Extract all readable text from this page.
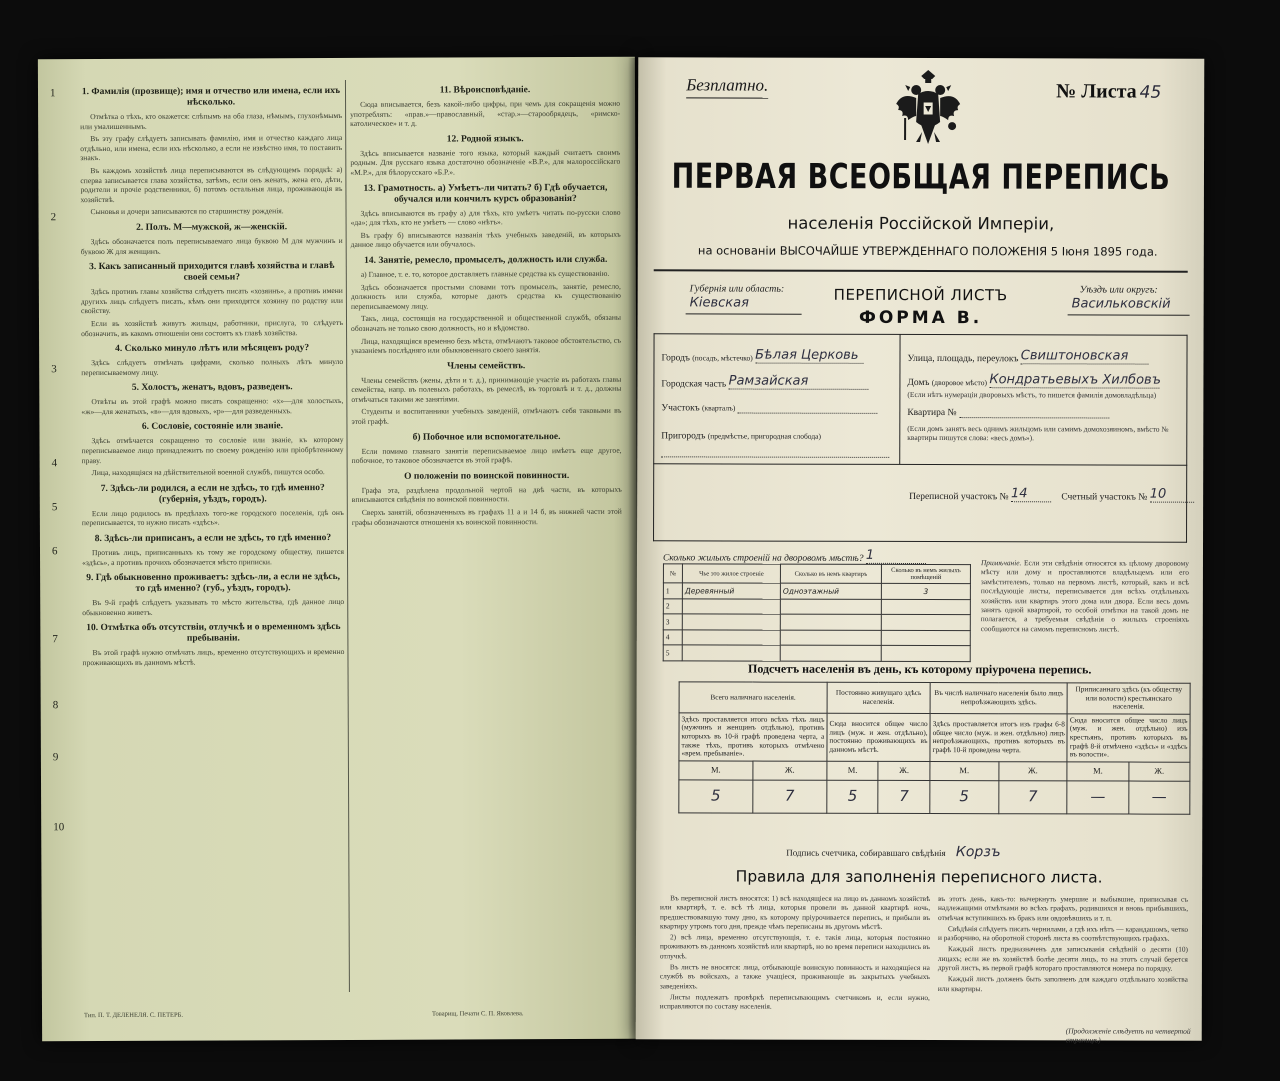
1
2
3
4
5
6
7
8
9
10
1. Фамилія (прозвище); имя и отчество или имена, если ихъ нѣсколько.

Отмѣтка о тѣхъ, кто окажется: слѣпымъ на оба глаза, нѣмымъ, глухонѣмымъ или умалишеннымъ.

Въ эту графу слѣдуетъ записывать фамилію, имя и отчество каждаго лица отдѣльно, или имена, если ихъ нѣсколько, а если не извѣстно имя, то поставить знакъ.

Въ каждомъ хозяйствѣ лица переписываются въ слѣдующемъ порядкѣ: а) сперва записывается глава хозяйства, затѣмъ, если онъ женатъ, жена его, дѣти, родители и прочіе родственники, б) потомъ остальныя лица, проживающія въ хозяйствѣ.

Сыновья и дочери записываются по старшинству рожденія.

2. Полъ. М—мужской, ж—женскій.

Здѣсь обозначается полъ переписываемаго лица буквою М для мужчинъ и буквою Ж для женщинъ.

3. Какъ записанный приходится главѣ хозяйства и главѣ своей семьи?

Здѣсь противъ главы хозяйства слѣдуетъ писать «хозяинъ», а противъ имени другихъ лицъ слѣдуетъ писать, кѣмъ они приходятся хозяину по родству или свойству.

Если въ хозяйствѣ живутъ жильцы, работники, прислуга, то слѣдуетъ обозначить, въ какомъ отношеніи они состоятъ къ главѣ хозяйства.

4. Сколько минуло лѣтъ или мѣсяцевъ роду?

Здѣсь слѣдуетъ отмѣчать цифрами, сколько полныхъ лѣтъ минуло переписываемому лицу.

5. Холостъ, женатъ, вдовъ, разведенъ.

Отвѣты въ этой графѣ можно писать сокращенно: «х»—для холостыхъ, «ж»—для женатыхъ, «в»—для вдовыхъ, «р»—для разведенныхъ.

6. Сословіе, состояніе или званіе.

Здѣсь отмѣчается сокращенно то сословіе или званіе, къ которому переписываемое лицо принадлежитъ по своему рожденію или пріобрѣтенному праву.

Лица, находящіяся на дѣйствительной военной службѣ, пишутся особо.

7. Здѣсь-ли родился, а если не здѣсь, то гдѣ именно? (губернія, уѣздъ, городъ).

Если лицо родилось въ предѣлахъ того-же городского поселенія, гдѣ онъ переписывается, то нужно писать «здѣсь».

8. Здѣсь-ли приписанъ, а если не здѣсь, то гдѣ именно?

Противъ лицъ, приписанныхъ къ тому же городскому обществу, пишется «здѣсь», а противъ прочихъ обозначается мѣсто приписки.

9. Гдѣ обыкновенно проживаетъ: здѣсь-ли, а если не здѣсь, то гдѣ именно? (губ., уѣздъ, городъ).

Въ 9-й графѣ слѣдуетъ указывать то мѣсто жительства, гдѣ данное лицо обыкновенно живетъ.

10. Отмѣтка объ отсутствіи, отлучкѣ и о временномъ здѣсь пребываніи.

Въ этой графѣ нужно отмѣчать лицъ, временно отсутствующихъ и временно проживающихъ въ данномъ мѣстѣ.

11. Вѣроисповѣданіе.

Сюда вписывается, безъ какой-либо цифры, при чемъ для сокращенія можно употреблять: «прав.»—православный, «стар.»—старообрядецъ, «римско-католическое» и т. д.

12. Родной языкъ.

Здѣсь вписывается названіе того языка, который каждый считаетъ своимъ родным. Для русскаго языка достаточно обозначеніе «В.Р.», для малороссійскаго «М.Р.», для бѣлорусскаго «Б.Р.».

13. Грамотность. а) Умѣетъ-ли читать? б) Гдѣ обучается, обучался или кончилъ курсъ образованія?

Здѣсь вписываются въ графу а) для тѣхъ, кто умѣетъ читать по-русски слово «да»; для тѣхъ, кто не умѣетъ — слово «нѣтъ».

Въ графу б) вписываются названія тѣхъ учебныхъ заведеній, въ которыхъ данное лицо обучается или обучалось.

14. Занятіе, ремесло, промыселъ, должность или служба.

а) Главное, т. е. то, которое доставляетъ главные средства къ существованію.

Здѣсь обозначается простыми словами тотъ промыселъ, занятіе, ремесло, должность или служба, которые даютъ средства къ существованію переписываемому лицу.

Такъ, лица, состоящія на государственной и общественной службѣ, обязаны обозначать не только свою должность, но и вѣдомство.

Лица, находящіяся временно безъ мѣста, отмѣчаютъ таковое обстоятельство, съ указаніемъ послѣдняго или обыкновеннаго своего занятія.

Члены семействъ.

Члены семействъ (жены, дѣти и т. д.), принимающіе участіе въ работахъ главы семейства, напр. въ полевыхъ работахъ, въ ремеслѣ, въ торговлѣ и т. д., должны отмѣчаться такими же занятіями.

Студенты и воспитанники учебныхъ заведеній, отмѣчаютъ себя таковыми въ этой графѣ.

б) Побочное или вспомогательное.

Если помимо главнаго занятія переписываемое лицо имѣетъ еще другое, побочное, то таковое обозначается въ этой графѣ.

О положеніи по воинской повинности.

Графа эта, раздѣлена продольной чертой на двѣ части, въ которыхъ вписываются свѣдѣнія по воинской повинности.

Сверхъ занятій, обозначенныхъ въ графахъ 11 а и 14 б, въ нижней части этой графы обозначаются отношенія къ воинской повинности.

Тип. П. Т. ДЕЛЕНЕЛЯ. С. ПЕТЕРБ.	Товарищ. Печати С. П. Яковлева.
Безплатно.	№ Листа 45
ПЕРВАЯ ВСЕОБЩАЯ ПЕРЕПИСЬ
населенія Россійской Имперіи,
на основаніи ВЫСОЧАЙШЕ УТВЕРЖДЕННАГО ПОЛОЖЕНІЯ 5 Іюня 1895 года.
Губернія или область:
Кіевская
Уѣздъ или округъ:
Васильковскій
ПЕРЕПИСНОЙ ЛИСТЪ
ФОРМА В.
Городъ (посадъ, мѣстечко) Бѣлая Церковь
Городская часть Рамзайская
Участокъ (кварталъ)
Пригородъ (предмѣстье, пригородная слобода)
Улица, площадь, переулокъ Свиштоновская
Домъ (дворовое мѣсто) Кондратьевыхъ Хилбовъ
(Если нѣтъ нумераціи дворовыхъ мѣстъ, то пишется фамилія домовладѣльца)
Квартира №
(Если домъ занятъ весь однимъ жильцомъ или самимъ домохозяиномъ, вмѣсто № квартиры пишутся слова: «весь домъ»).
Переписной участокъ № 14	Счетный участокъ № 10
Сколько жилыхъ строеній на дворовомъ мѣстѣ? 1
№	Чье это жилое строеніе	Сколько въ немъ квартиръ	Сколько въ немъ жилыхъ помѣщеній
1	Деревянный	Одноэтажный	3
2			
3			
4			
5			
Примѣчаніе. Если эти свѣдѣнія относятся къ цѣлому дворовому мѣсту или дому и проставляются владѣльцемъ или его замѣстителемъ, только на первомъ листѣ, который, какъ и всѣ послѣдующіе листы, переписывается для всѣхъ отдѣльныхъ хозяйствъ или квартиръ этого дома или двора. Если весь домъ занятъ одной квартирой, то особой отмѣтки на такой домъ не полагается, а требуемыя свѣдѣнія о жилыхъ строеніяхъ сообщаются на самомъ переписномъ листѣ.
Подсчетъ населенія въ день, къ которому пріурочена перепись.
Всего наличнаго населенія.		Постоянно живущаго здѣсь населенія.		Въ числѣ наличнаго населенія было лицъ непроѣзжающихъ здѣсь.		Приписаннаго здѣсь (къ обществу или волости) крестьянскаго населенія.	
Здѣсь проставляется итого всѣхъ тѣхъ лицъ (мужчинъ и женщинъ отдѣльно), противъ которыхъ въ 10-й графѣ проведена черта, а также тѣхъ, противъ которыхъ отмѣчено «врем. пребываніе».		Сюда вносится общее число лицъ (муж. и жен. отдѣльно), постоянно проживающихъ въ данномъ мѣстѣ.		Здѣсь проставляется итогъ изъ графы 6-8 общее число (муж. и жен. отдѣльно) лицъ непроѣзжающихъ, противъ которыхъ въ графѣ 10-й проведена черта.		Сюда вносится общее число лицъ (муж. и жен. отдѣльно) изъ крестьянъ, противъ которыхъ въ графѣ 8-й отмѣчено «здѣсь» и «здѣсь въ волости».	
М.	Ж.	М.	Ж.	М.	Ж.	М.	Ж.
5	7	5	7	5	7	—	—
Подпись счетчика, собиравшаго свѣдѣнія Корзъ
Правила для заполненія переписного листа.

Въ переписной листъ вносятся: 1) всѣ находящіеся на лицо въ данномъ хозяйствѣ или квартирѣ, т. е. всѣ тѣ лица, которыя провели въ данной квартирѣ ночь, предшествовавшую тому дню, къ которому пріурочивается перепись, и прибыли въ квартиру утромъ того дня, прежде чѣмъ переписаны въ другомъ мѣстѣ.

2) всѣ лица, временно отсутствующія, т. е. такія лица, которыя постоянно проживаютъ въ данномъ хозяйствѣ или квартирѣ, но во время переписи находились въ отлучкѣ.

Въ листъ не вносятся: лица, отбывающіе воинскую повинность и находящіеся на службѣ въ войскахъ, а также учащіеся, проживающіе въ закрытыхъ учебныхъ заведеніяхъ.

Листы подлежатъ провѣркѣ переписывающимъ счетчикомъ и, если нужно, исправляются по составу населенія.

въ этотъ день, какъ-то: вычеркнуть умершие и выбывшие, приписывая съ надлежащими отмѣтками во всѣхъ графахъ, родившихся и вновь прибывшихъ, отмѣчая вступившихъ въ бракъ или овдовѣвшихъ и т. п.

Свѣдѣнія слѣдуетъ писать чернилами, а гдѣ ихъ нѣтъ — карандашомъ, четко и разборчиво, на оборотной сторонѣ листа въ соотвѣтствующихъ графахъ.

Каждый листъ предназначенъ для записыванія свѣдѣній о десяти (10) лицахъ; если же въ хозяйствѣ болѣе десяти лицъ, то на этотъ случай берется другой листъ, въ первой графѣ котораго проставляются номера по порядку.

Каждый листъ долженъ быть заполненъ для каждаго отдѣльнаго хозяйства или квартиры.

(Продолженіе слѣдуетъ на четвертой страницѣ)
